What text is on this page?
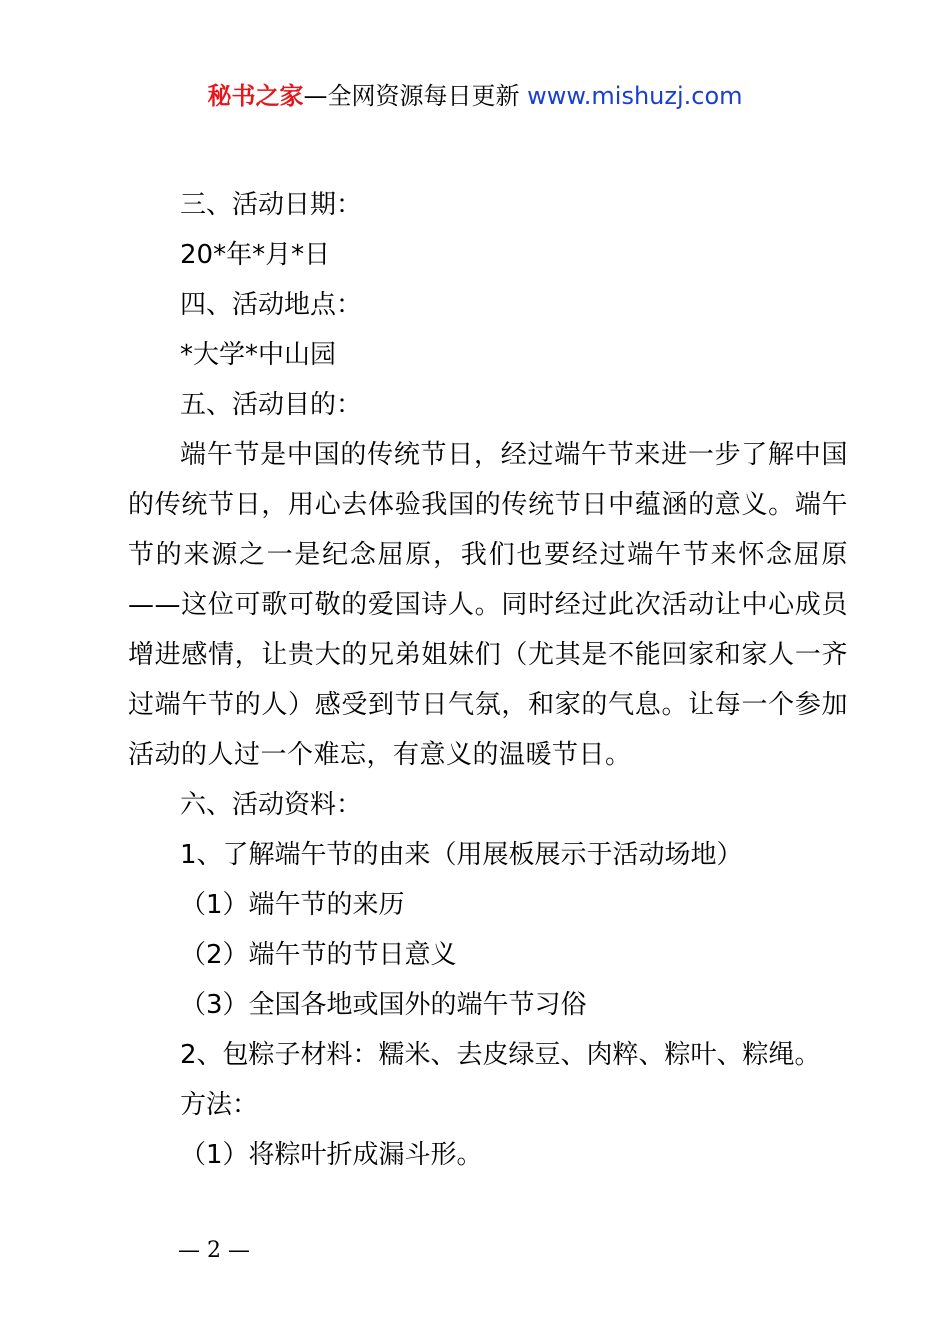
秘书之家—全网资源每日更新 www.mishuzj.com
三、活动日期：
20*年*月*日
四、活动地点：
*大学*中山园
五、活动目的：
端午节是中国的传统节日，经过端午节来进一步了解中国的传统节日，用心去体验我国的传统节日中蕴涵的意义。端午节的来源之一是纪念屈原，我们也要经过端午节来怀念屈原——这位可歌可敬的爱国诗人。同时经过此次活动让中心成员增进感情，让贵大的兄弟姐妹们（尤其是不能回家和家人一齐过端午节的人）感受到节日气氛，和家的气息。让每一个参加活动的人过一个难忘，有意义的温暖节日。
六、活动资料：
1、了解端午节的由来（用展板展示于活动场地）
（1）端午节的来历
（2）端午节的节日意义
（3）全国各地或国外的端午节习俗
2、包粽子材料：糯米、去皮绿豆、肉粹、粽叶、粽绳。
方法：
（1）将粽叶折成漏斗形。
— 2 —
